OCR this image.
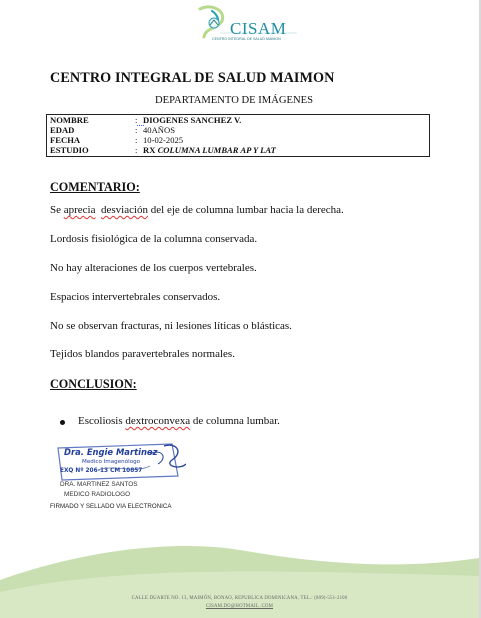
CISAM
CENTRO INTEGRAL DE SALUD MAIMON
CENTRO INTEGRAL DE SALUD MAIMON
DEPARTAMENTO DE IMÁGENES
NOMBRE	: DIOGENES SANCHEZ V.
EDAD	: 40AÑOS
FECHA	: 10-02-2025
ESTUDIO	: RX COLUMNA LUMBAR AP Y LAT
COMENTARIO:
Se aprecia desviación del eje de columna lumbar hacia la derecha.
Lordosis fisiológica de la columna conservada.
No hay alteraciones de los cuerpos vertebrales.
Espacios intervertebrales conservados.
No se observan fracturas, ni lesiones líticas o blásticas.
Tejidos blandos paravertebrales normales.
CONCLUSION:
Escoliosis dextroconvexa de columna lumbar.
Dra. Engie Martinez
Medico Imagenólogo
EXQ Nº 206-13 CM 10857
DRA. MARTINEZ SANTOS
MEDICO RADIOLOGO
FIRMADO Y SELLADO VIA ELECTRONICA
CALLE DUARTE NO. 13, MAIMÓN, BONAO, REPUBLICA DOMINICANA, TEL.: (809)-551-2100
CISAM.DO@HOTMAIL .COM
